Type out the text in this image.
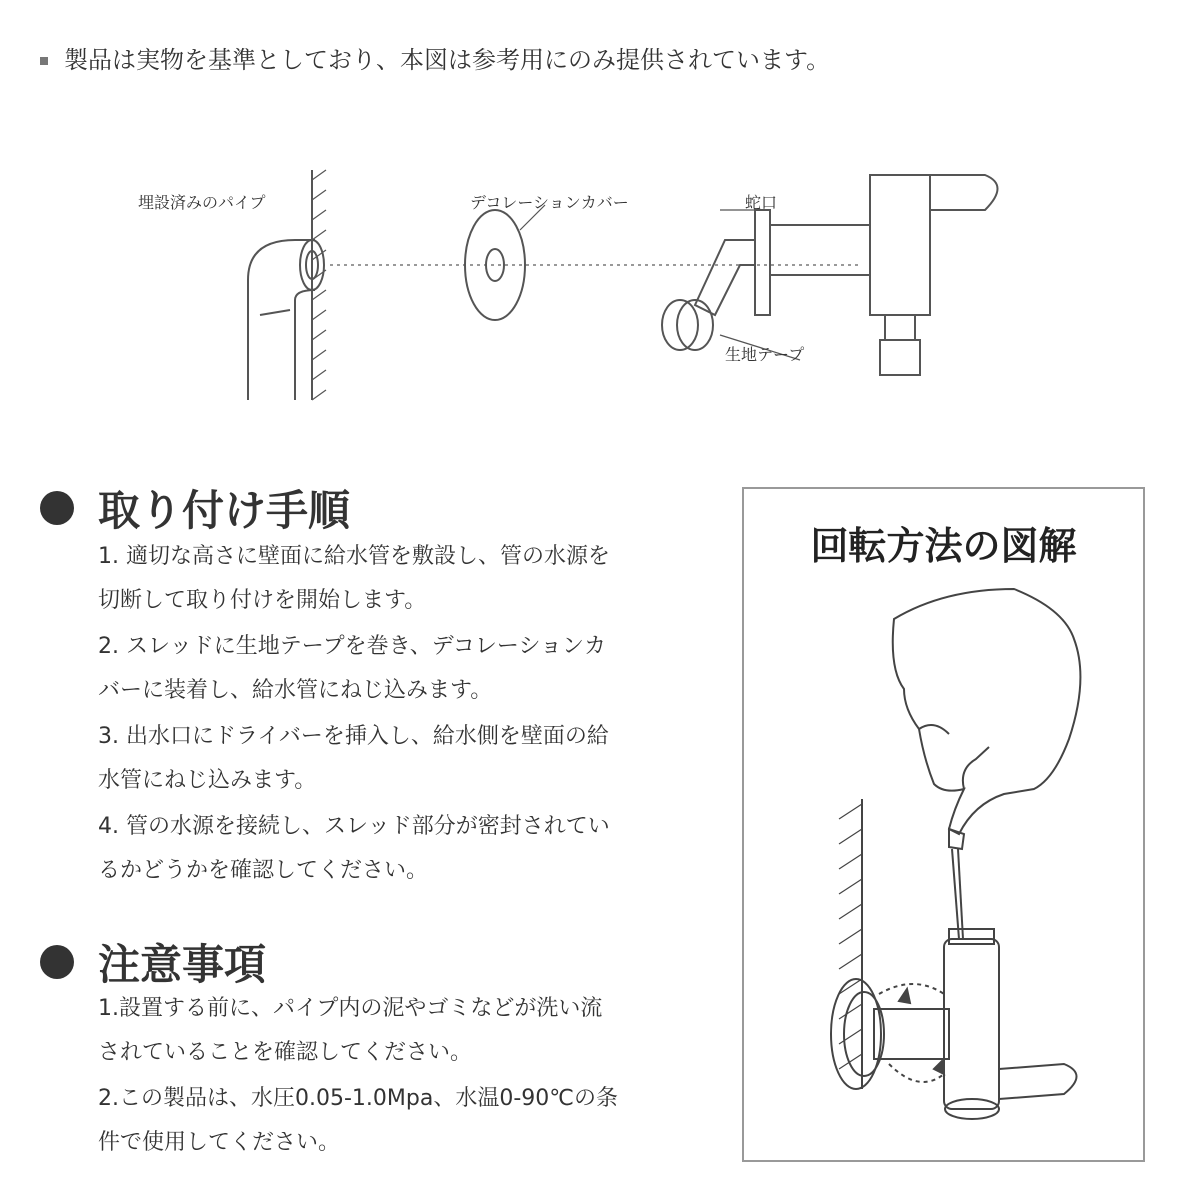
製品は実物を基準としており、本図は参考用にのみ提供されています。
埋設済みのパイプ	デコレーションカバー	蛇口
生地テープ
取り付け手順
1. 適切な高さに壁面に給水管を敷設し、管の水源を
切断して取り付けを開始します。
2. スレッドに生地テープを巻き、デコレーションカ
バーに装着し、給水管にねじ込みます。
3. 出水口にドライバーを挿入し、給水側を壁面の給
水管にねじ込みます。
4. 管の水源を接続し、スレッド部分が密封されてい
るかどうかを確認してください。
注意事項
1.設置する前に、パイプ内の泥やゴミなどが洗い流
されていることを確認してください。
2.この製品は、水圧0.05-1.0Mpa、水温0-90℃の条
件で使用してください。
回転方法の図解
